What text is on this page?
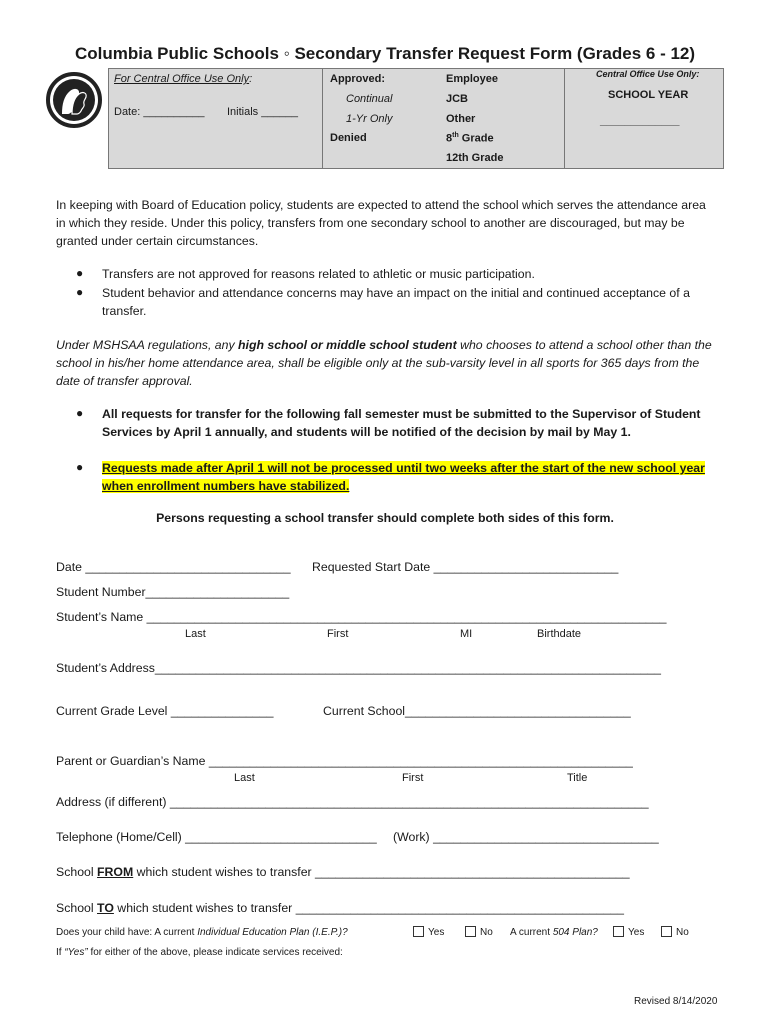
Columbia Public Schools ◦ Secondary Transfer Request Form (Grades 6 - 12)
For Central Office Use Only:
Date: __________ Initials ______
Approved:
Continual
1-Yr Only
Denied
Employee
JCB
Other
8th Grade
12th Grade
Central Office Use Only:
SCHOOL YEAR
_____________
In keeping with Board of Education policy, students are expected to attend the school which serves the attendance area in which they reside. Under this policy, transfers from one secondary school to another are discouraged, but may be granted under certain circumstances.
● Transfers are not approved for reasons related to athletic or music participation.
● Student behavior and attendance concerns may have an impact on the initial and continued acceptance of a transfer.
Under MSHSAA regulations, any high school or middle school student who chooses to attend a school other than the school in his/her home attendance area, shall be eligible only at the sub-varsity level in all sports for 365 days from the date of transfer approval.
● All requests for transfer for the following fall semester must be submitted to the Supervisor of Student Services by April 1 annually, and students will be notified of the decision by mail by May 1.
● Requests made after April 1 will not be processed until two weeks after the start of the new school year when enrollment numbers have stabilized.
Persons requesting a school transfer should complete both sides of this form.
Date ______________________________ Requested Start Date ___________________________
Student Number_____________________
Student’s Name ____________________________________________________________________________
Last	First	MI	Birthdate
Student’s Address__________________________________________________________________________
Current Grade Level _______________	Current School_________________________________
Parent or Guardian’s Name ______________________________________________________________
Last	First	Title
Address (if different) ______________________________________________________________________
Telephone (Home/Cell) ____________________________ (Work) _________________________________
School FROM which student wishes to transfer ______________________________________________
School TO which student wishes to transfer ________________________________________________
Does your child have: A current Individual Education Plan (I.E.P.)?	Yes	No A current 504 Plan?	Yes	No
If “Yes” for either of the above, please indicate services received:
Revised 8/14/2020
